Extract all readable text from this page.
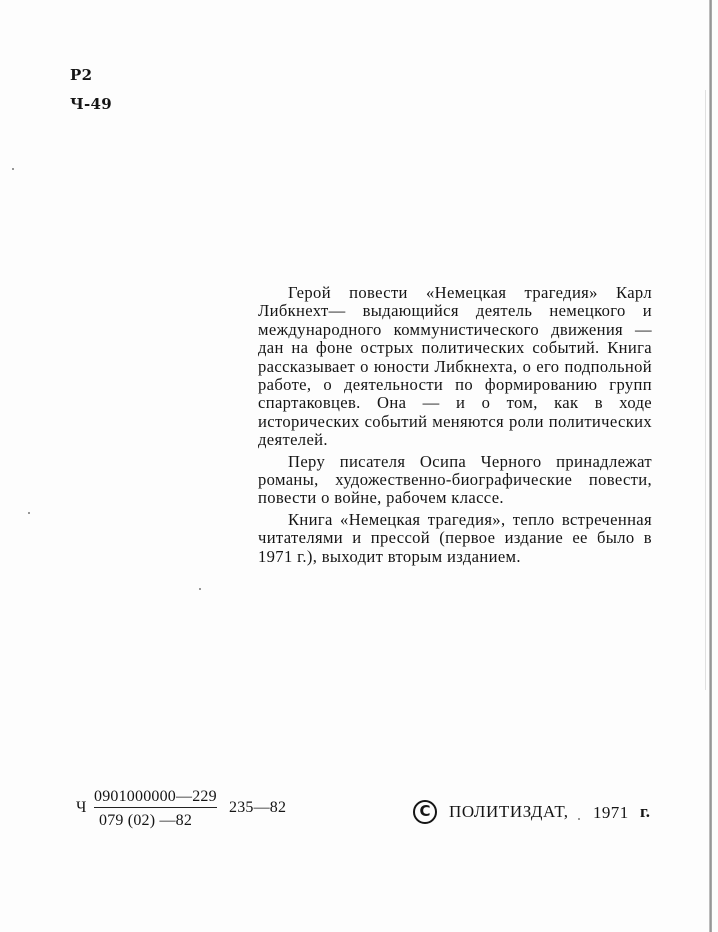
Р2
Ч-49

Герой повести «Немецкая трагедия» Карл Либкнехт— выдающийся деятель немецкого и международного коммунистического движения — дан на фоне острых политических событий. Книга рассказывает о юности Либкнехта, о его подпольной работе, о деятельности по формированию групп спартаковцев. Она — и о том, как в ходе исторических событий меняются роли политических деятелей.

Перу писателя Осипа Черного принадлежат романы, художественно-биографические повести, повести о войне, рабочем классе.

Книга «Немецкая трагедия», тепло встреченная читателями и прессой (первое издание ее было в 1971 г.), выходит вторым изданием.

Ч
0901000000—229
079 (02) —82
235—82	C	ПОЛИТИЗДАТ, 1971 г.
